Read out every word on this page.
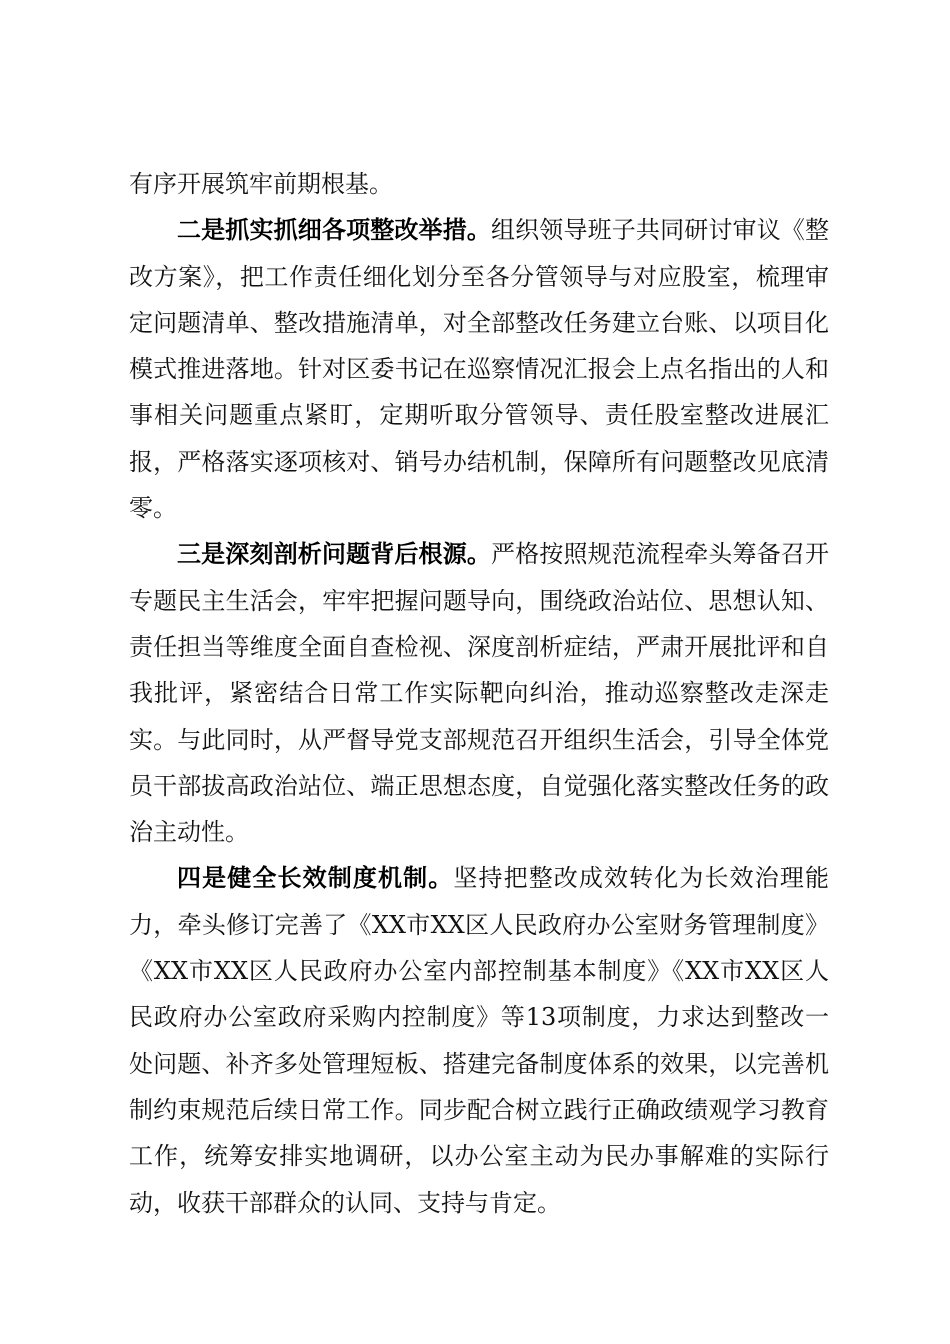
有序开展筑牢前期根基。

二是抓实抓细各项整改举措。组织领导班子共同研讨审议《整改方案》，把工作责任细化划分至各分管领导与对应股室，梳理审定问题清单、整改措施清单，对全部整改任务建立台账、以项目化模式推进落地。针对区委书记在巡察情况汇报会上点名指出的人和事相关问题重点紧盯，定期听取分管领导、责任股室整改进展汇报，严格落实逐项核对、销号办结机制，保障所有问题整改见底清零。

三是深刻剖析问题背后根源。严格按照规范流程牵头筹备召开专题民主生活会，牢牢把握问题导向，围绕政治站位、思想认知、责任担当等维度全面自查检视、深度剖析症结，严肃开展批评和自我批评，紧密结合日常工作实际靶向纠治，推动巡察整改走深走实。与此同时，从严督导党支部规范召开组织生活会，引导全体党员干部拔高政治站位、端正思想态度，自觉强化落实整改任务的政治主动性。

四是健全长效制度机制。坚持把整改成效转化为长效治理能力，牵头修订完善了《XX市XX区人民政府办公室财务管理制度》《XX市XX区人民政府办公室内部控制基本制度》《XX市XX区人民政府办公室政府采购内控制度》等13项制度，力求达到整改一处问题、补齐多处管理短板、搭建完备制度体系的效果，以完善机制约束规范后续日常工作。同步配合树立践行正确政绩观学习教育工作，统筹安排实地调研，以办公室主动为民办事解难的实际行动，收获干部群众的认同、支持与肯定。
